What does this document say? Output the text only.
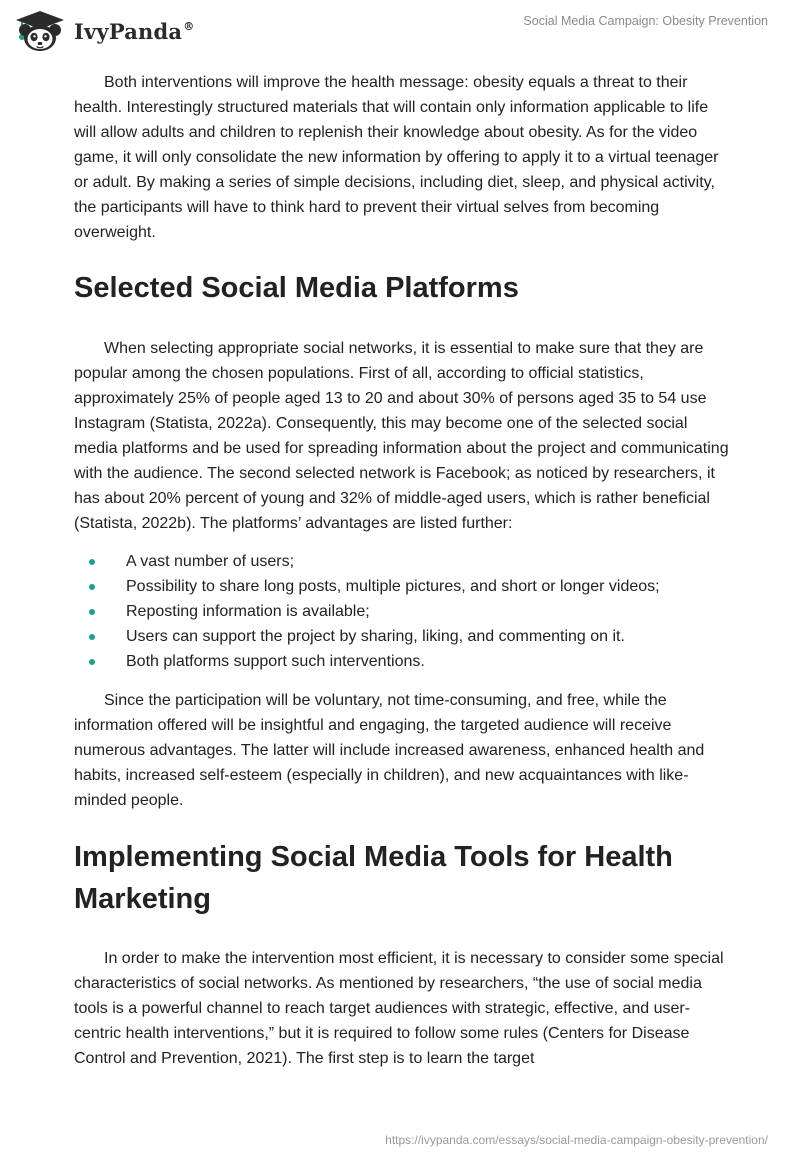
IvyPanda®	Social Media Campaign: Obesity Prevention

Both interventions will improve the health message: obesity equals a threat to their health. Interestingly structured materials that will contain only information applicable to life will allow adults and children to replenish their knowledge about obesity. As for the video game, it will only consolidate the new information by offering to apply it to a virtual teenager or adult. By making a series of simple decisions, including diet, sleep, and physical activity, the participants will have to think hard to prevent their virtual selves from becoming overweight.

Selected Social Media Platforms

When selecting appropriate social networks, it is essential to make sure that they are popular among the chosen populations. First of all, according to official statistics, approximately 25% of people aged 13 to 20 and about 30% of persons aged 35 to 54 use Instagram (Statista, 2022a). Consequently, this may become one of the selected social media platforms and be used for spreading information about the project and communicating with the audience. The second selected network is Facebook; as noticed by researchers, it has about 20% percent of young and 32% of middle-aged users, which is rather beneficial (Statista, 2022b). The platforms’ advantages are listed further:

A vast number of users;
Possibility to share long posts, multiple pictures, and short or longer videos;
Reposting information is available;
Users can support the project by sharing, liking, and commenting on it.
Both platforms support such interventions.

Since the participation will be voluntary, not time-consuming, and free, while the information offered will be insightful and engaging, the targeted audience will receive numerous advantages. The latter will include increased awareness, enhanced health and habits, increased self-esteem (especially in children), and new acquaintances with like-minded people.

Implementing Social Media Tools for Health Marketing

In order to make the intervention most efficient, it is necessary to consider some special characteristics of social networks. As mentioned by researchers, “the use of social media tools is a powerful channel to reach target audiences with strategic, effective, and user-centric health interventions,” but it is required to follow some rules (Centers for Disease Control and Prevention, 2021). The first step is to learn the target

https://ivypanda.com/essays/social-media-campaign-obesity-prevention/
